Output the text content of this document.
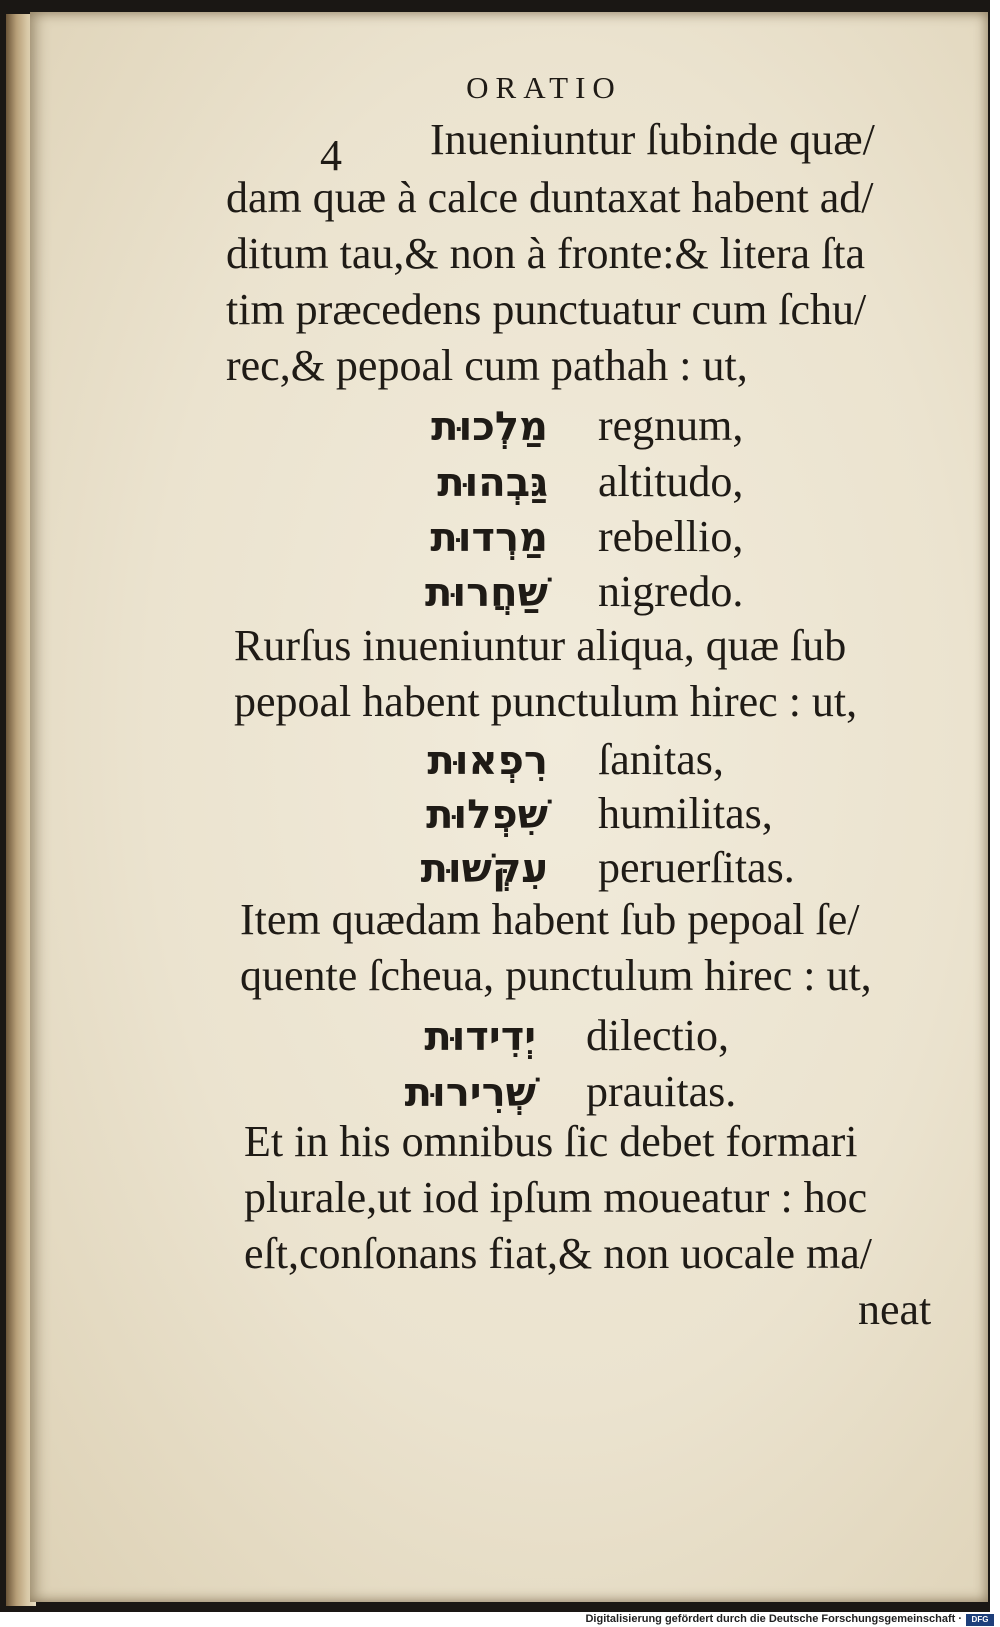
ORATIO
4 Inueniuntur ſubinde quæ/
dam quæ à calce duntaxat habent ad/
ditum tau,& non à fronte:& litera ſta
tim præcedens punctuatur cum ſchu/
rec,& pepoal cum pathah : ut,
מַלְכוּת regnum,
גַּבְהוּת altitudo,
מַרְדוּת rebellio,
שַׁחֲרוּת nigredo.
Rurſus inueniuntur aliqua, quæ ſub
pepoal habent punctulum hirec : ut,
רִפְאוּת ſanitas,
שִׁפְלוּת humilitas,
עִקְּשׁוּת peruerſitas.
Item quædam habent ſub pepoal ſe/
quente ſcheua, punctulum hirec : ut,
יְדִידוּת dilectio,
שְׁרִירוּת prauitas.
Et in his omnibus ſic debet formari
plurale,ut iod ipſum moueatur : hoc
eſt,conſonans fiat,& non uocale ma/
neat
Digitalisierung gefördert durch die Deutsche Forschungsgemeinschaft ·	DFG
